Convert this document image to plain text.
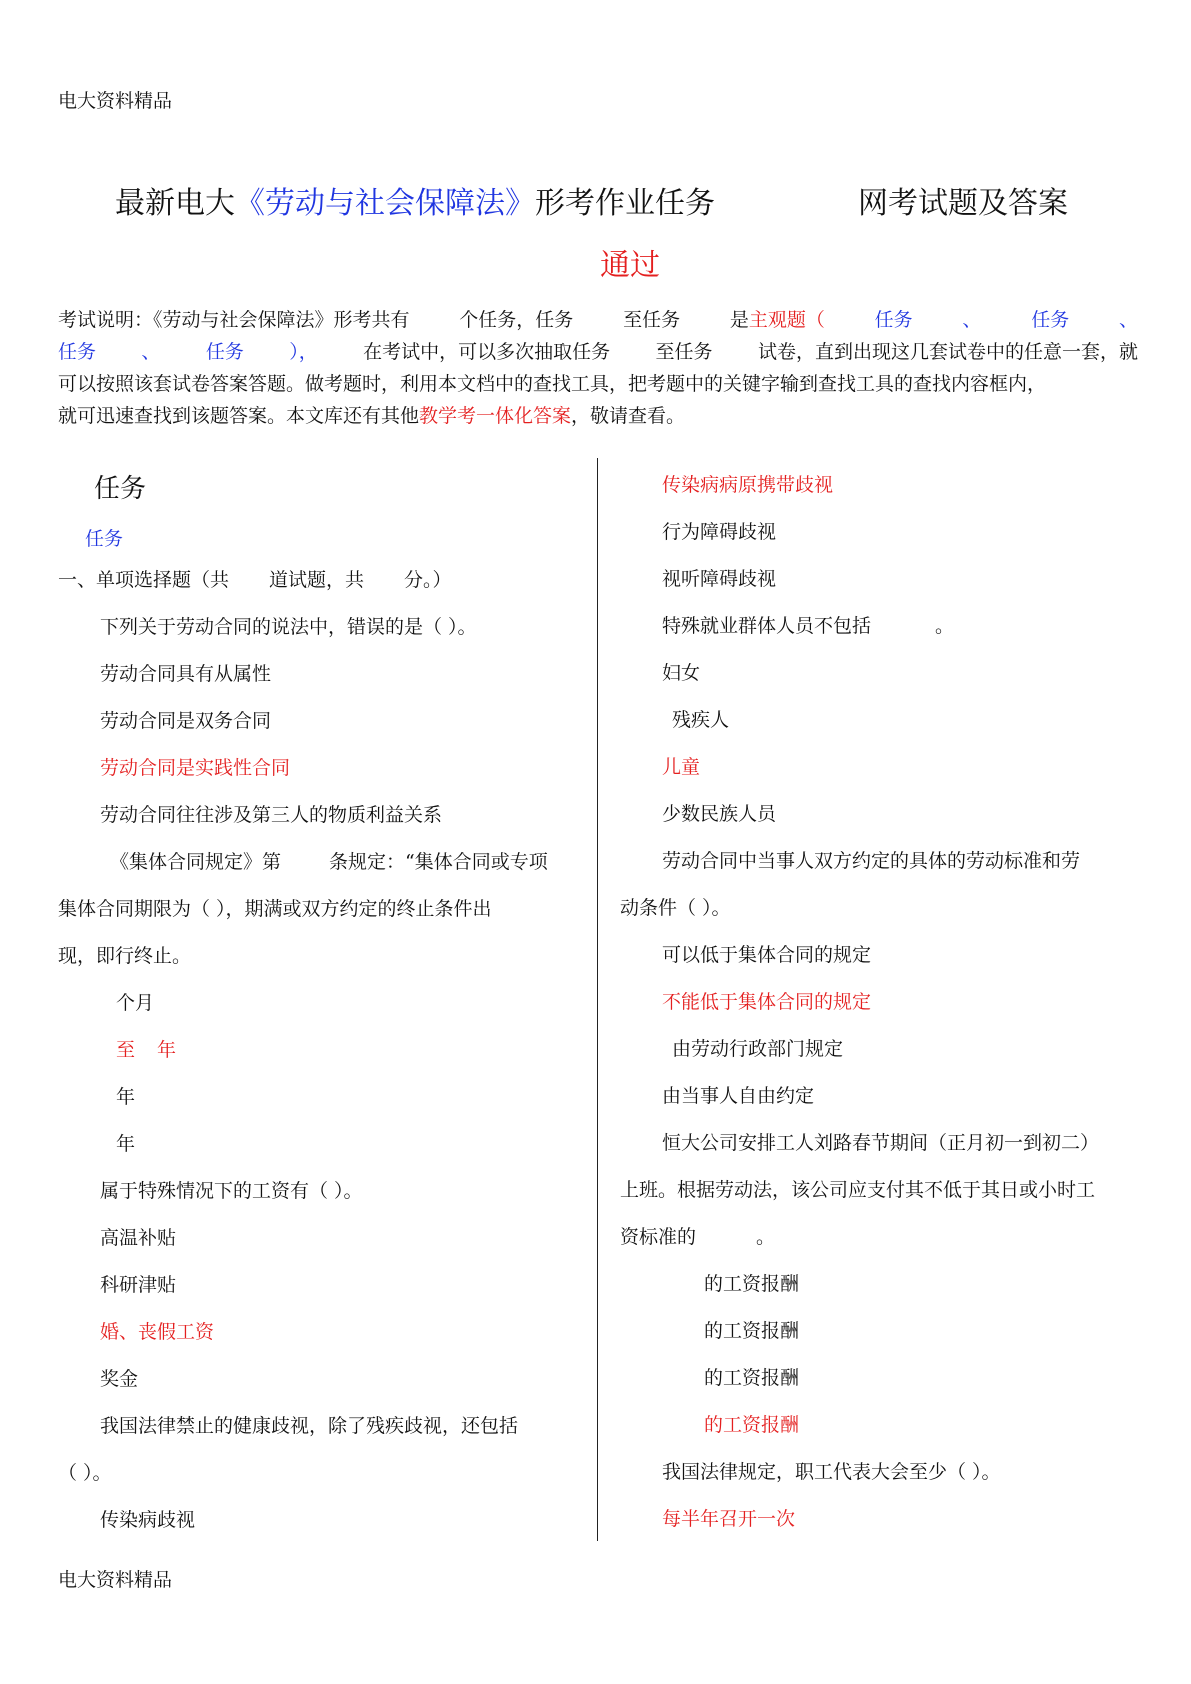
电大资料精品
最新电大《劳动与社会保障法》形考作业任务	网考试题及答案
通过
考试说明：《劳动与社会保障法》形考共有	个任务，任务	至任务	是主观题（	任务	、	任务	、
任务 、 任务 ）， 在考试中，可以多次抽取任务 至任务 试卷，直到出现这几套试卷中的任意一套，就
可以按照该套试卷答案答题。做考题时，利用本文档中的查找工具，把考题中的关键字输到查找工具的查找内容框内，
就可迅速查找到该题答案。本文库还有其他教学考一体化答案，敬请查看。
任务
任务
一、单项选择题（共 道试题，共 分。）
下列关于劳动合同的说法中，错误的是（ ）。
劳动合同具有从属性
劳动合同是双务合同
劳动合同是实践性合同
劳动合同往往涉及第三人的物质利益关系
《集体合同规定》第	条规定：“集体合同或专项
集体合同期限为（ ），期满或双方约定的终止条件出
现，即行终止。
个月
至 年
年
年
属于特殊情况下的工资有（ ）。
高温补贴
科研津贴
婚、丧假工资
奖金
我国法律禁止的健康歧视，除了残疾歧视，还包括
（ ）。
传染病歧视
传染病病原携带歧视
行为障碍歧视
视听障碍歧视
特殊就业群体人员不包括	。
妇女
残疾人
儿童
少数民族人员
劳动合同中当事人双方约定的具体的劳动标准和劳
动条件（ ）。
可以低于集体合同的规定
不能低于集体合同的规定
由劳动行政部门规定
由当事人自由约定
恒大公司安排工人刘路春节期间（正月初一到初二）
上班。根据劳动法，该公司应支付其不低于其日或小时工
资标准的	。
的工资报酬
的工资报酬
的工资报酬
的工资报酬
我国法律规定，职工代表大会至少（ ）。
每半年召开一次
电大资料精品
